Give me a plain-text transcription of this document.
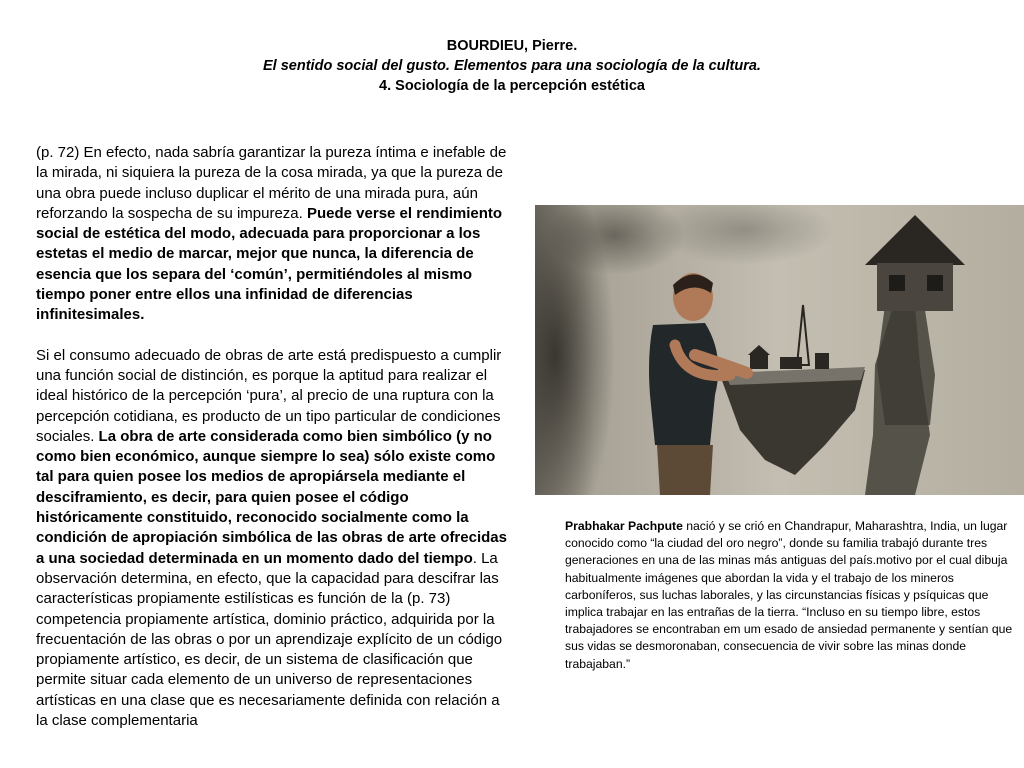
BOURDIEU, Pierre.
El sentido social del gusto. Elementos para una sociología de la cultura.
4. Sociología de la percepción estética

(p. 72) En efecto, nada sabría garantizar la pureza íntima e inefable de la mirada, ni siquiera la pureza de la cosa mirada, ya que la pureza de una obra puede incluso duplicar el mérito de una mirada pura, aún reforzando la sospecha de su impureza. Puede verse el rendimiento social de estética del modo, adecuada para proporcionar a los estetas el medio de marcar, mejor que nunca, la diferencia de esencia que los separa del ‘común’, permitiéndoles al mismo tiempo poner entre ellos una infinidad de diferencias infinitesimales.

Si el consumo adecuado de obras de arte está predispuesto a cumplir una función social de distinción, es porque la aptitud para realizar el ideal histórico de la percepción ‘pura’, al precio de una ruptura con la percepción cotidiana, es producto de un tipo particular de condiciones sociales. La obra de arte considerada como bien simbólico (y no como bien económico, aunque siempre lo sea) sólo existe como tal para quien posee los medios de apropiársela mediante el desciframiento, es decir, para quien posee el código históricamente constituido, reconocido socialmente como la condición de apropiación simbólica de las obras de arte ofrecidas a una sociedad determinada en un momento dado del tiempo. La observación determina, en efecto, que la capacidad para descifrar las características propiamente estilísticas es función de la (p. 73) competencia propiamente artística, dominio práctico, adquirida por la frecuentación de las obras o por un aprendizaje explícito de un código propiamente artístico, es decir, de un sistema de clasificación que permite situar cada elemento de un universo de representaciones artísticas en una clase que es necesariamente definida con relación a la clase complementaria

Prabhakar Pachpute nació y se crió en Chandrapur, Maharashtra, India, un lugar conocido como “la ciudad del oro negro”, donde su familia trabajó durante tres generaciones en una de las minas más antiguas del país.motivo por el cual dibuja habitualmente imágenes que abordan la vida y el trabajo de los mineros carboníferos, sus luchas laborales, y las circunstancias físicas y psíquicas que implica trabajar en las entrañas de la tierra. “Incluso en su tiempo libre, estos trabajadores se encontraban em um esado de ansiedad permanente y sentían que sus vidas se desmoronaban, consecuencia de vivir sobre las minas donde trabajaban.”
